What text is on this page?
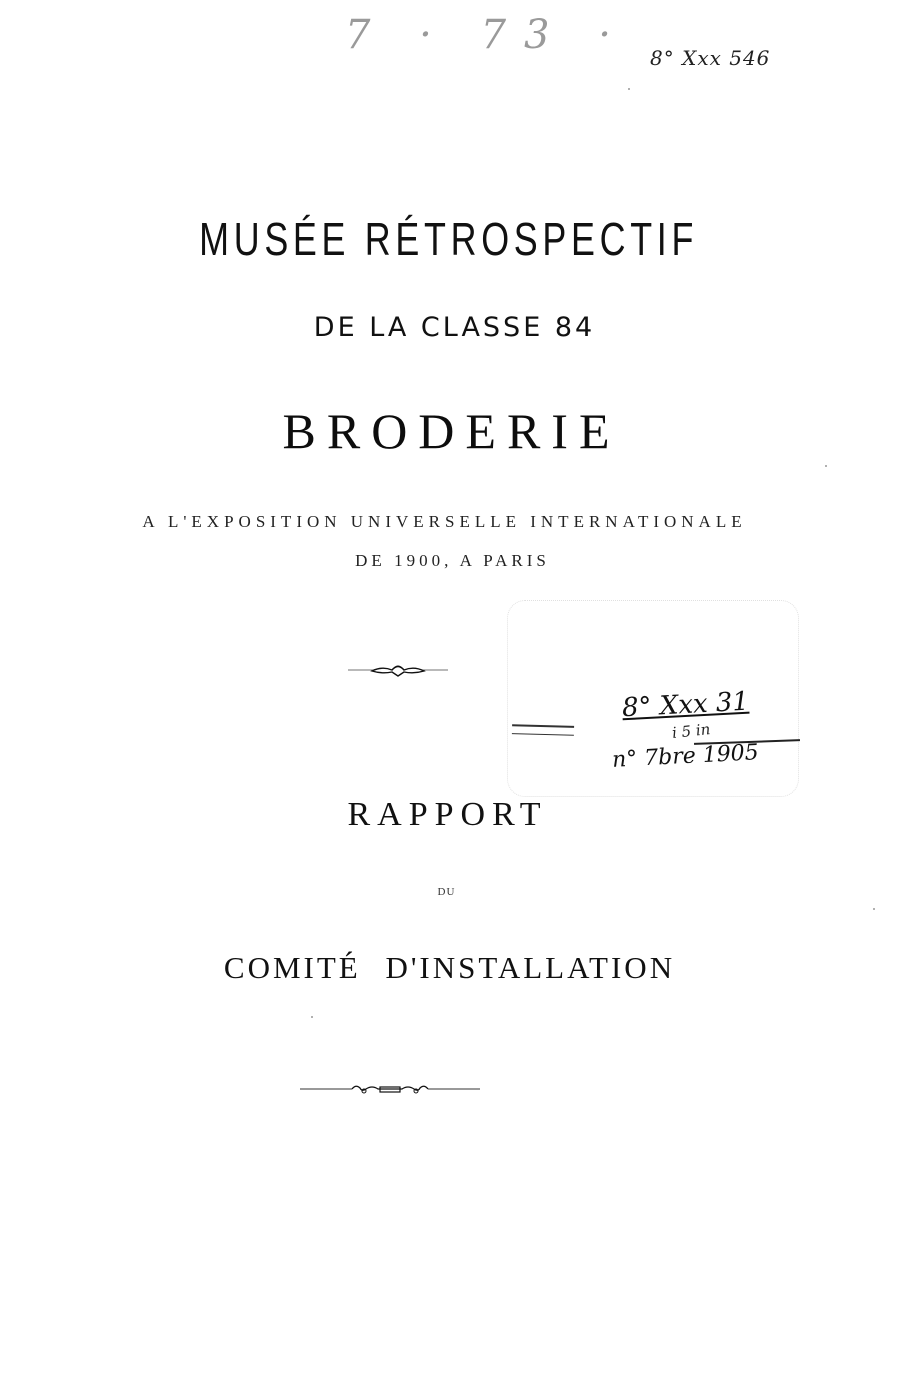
7 · 73 · 8° Xxx 546
MUSÉE RÉTROSPECTIF
DE LA CLASSE 84
BRODERIE
A L'EXPOSITION UNIVERSELLE INTERNATIONALE
DE 1900, A PARIS
8° Xxx 31
i 5 in
n° 7bre 1905
RAPPORT
DU
COMITÉ D'INSTALLATION
